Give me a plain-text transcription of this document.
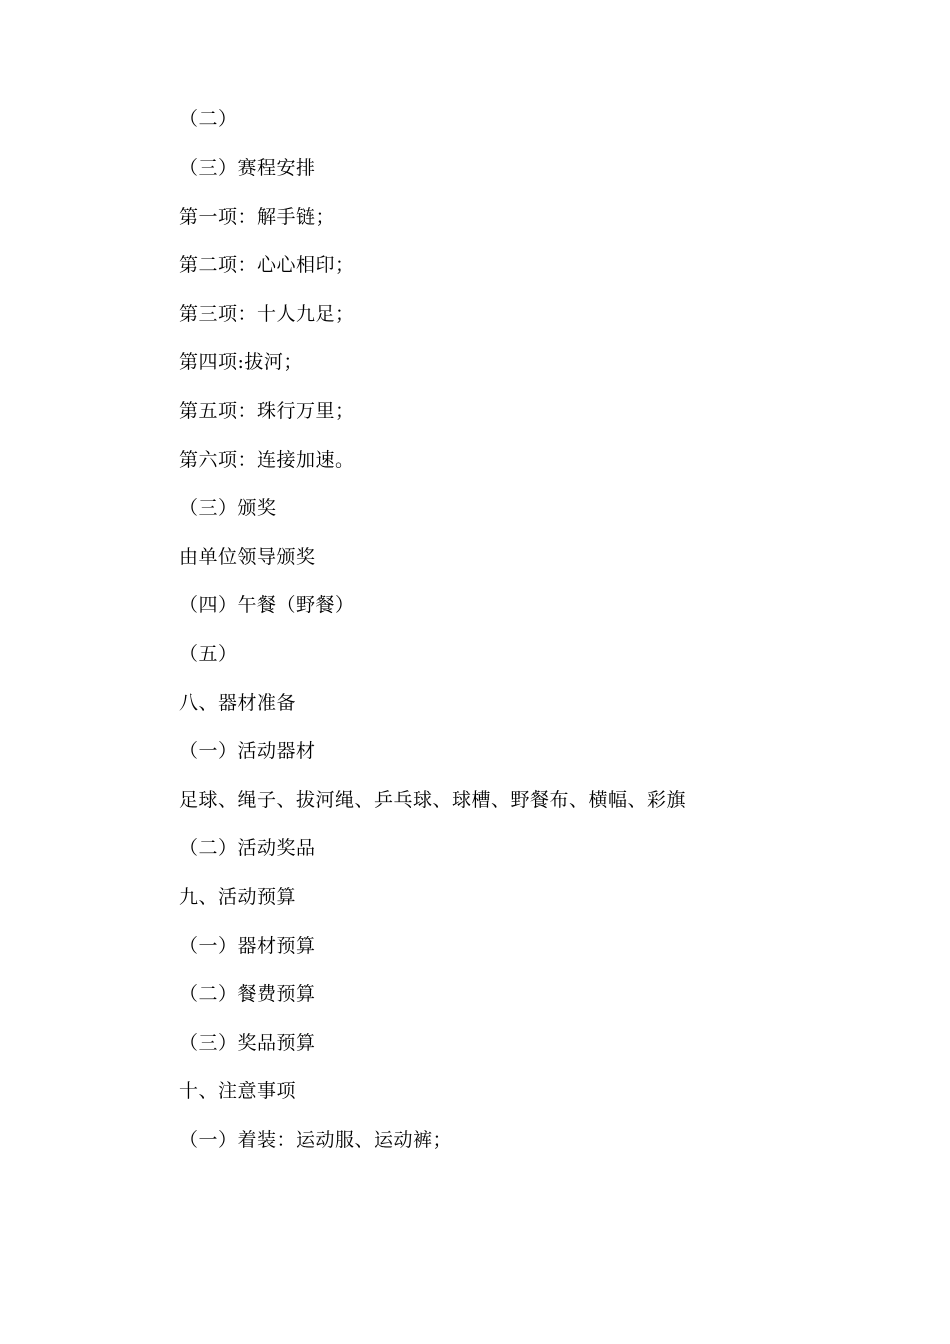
（二）
（三）赛程安排
第一项：解手链；
第二项：心心相印；
第三项：十人九足；
第四项:拔河；
第五项：珠行万里；
第六项：连接加速。
（三）颁奖
由单位领导颁奖
（四）午餐（野餐）
（五）
八、器材准备
（一）活动器材
足球、绳子、拔河绳、乒乓球、球槽、野餐布、横幅、彩旗
（二）活动奖品
九、活动预算
（一）器材预算
（二）餐费预算
（三）奖品预算
十、注意事项
（一）着装：运动服、运动裤；
